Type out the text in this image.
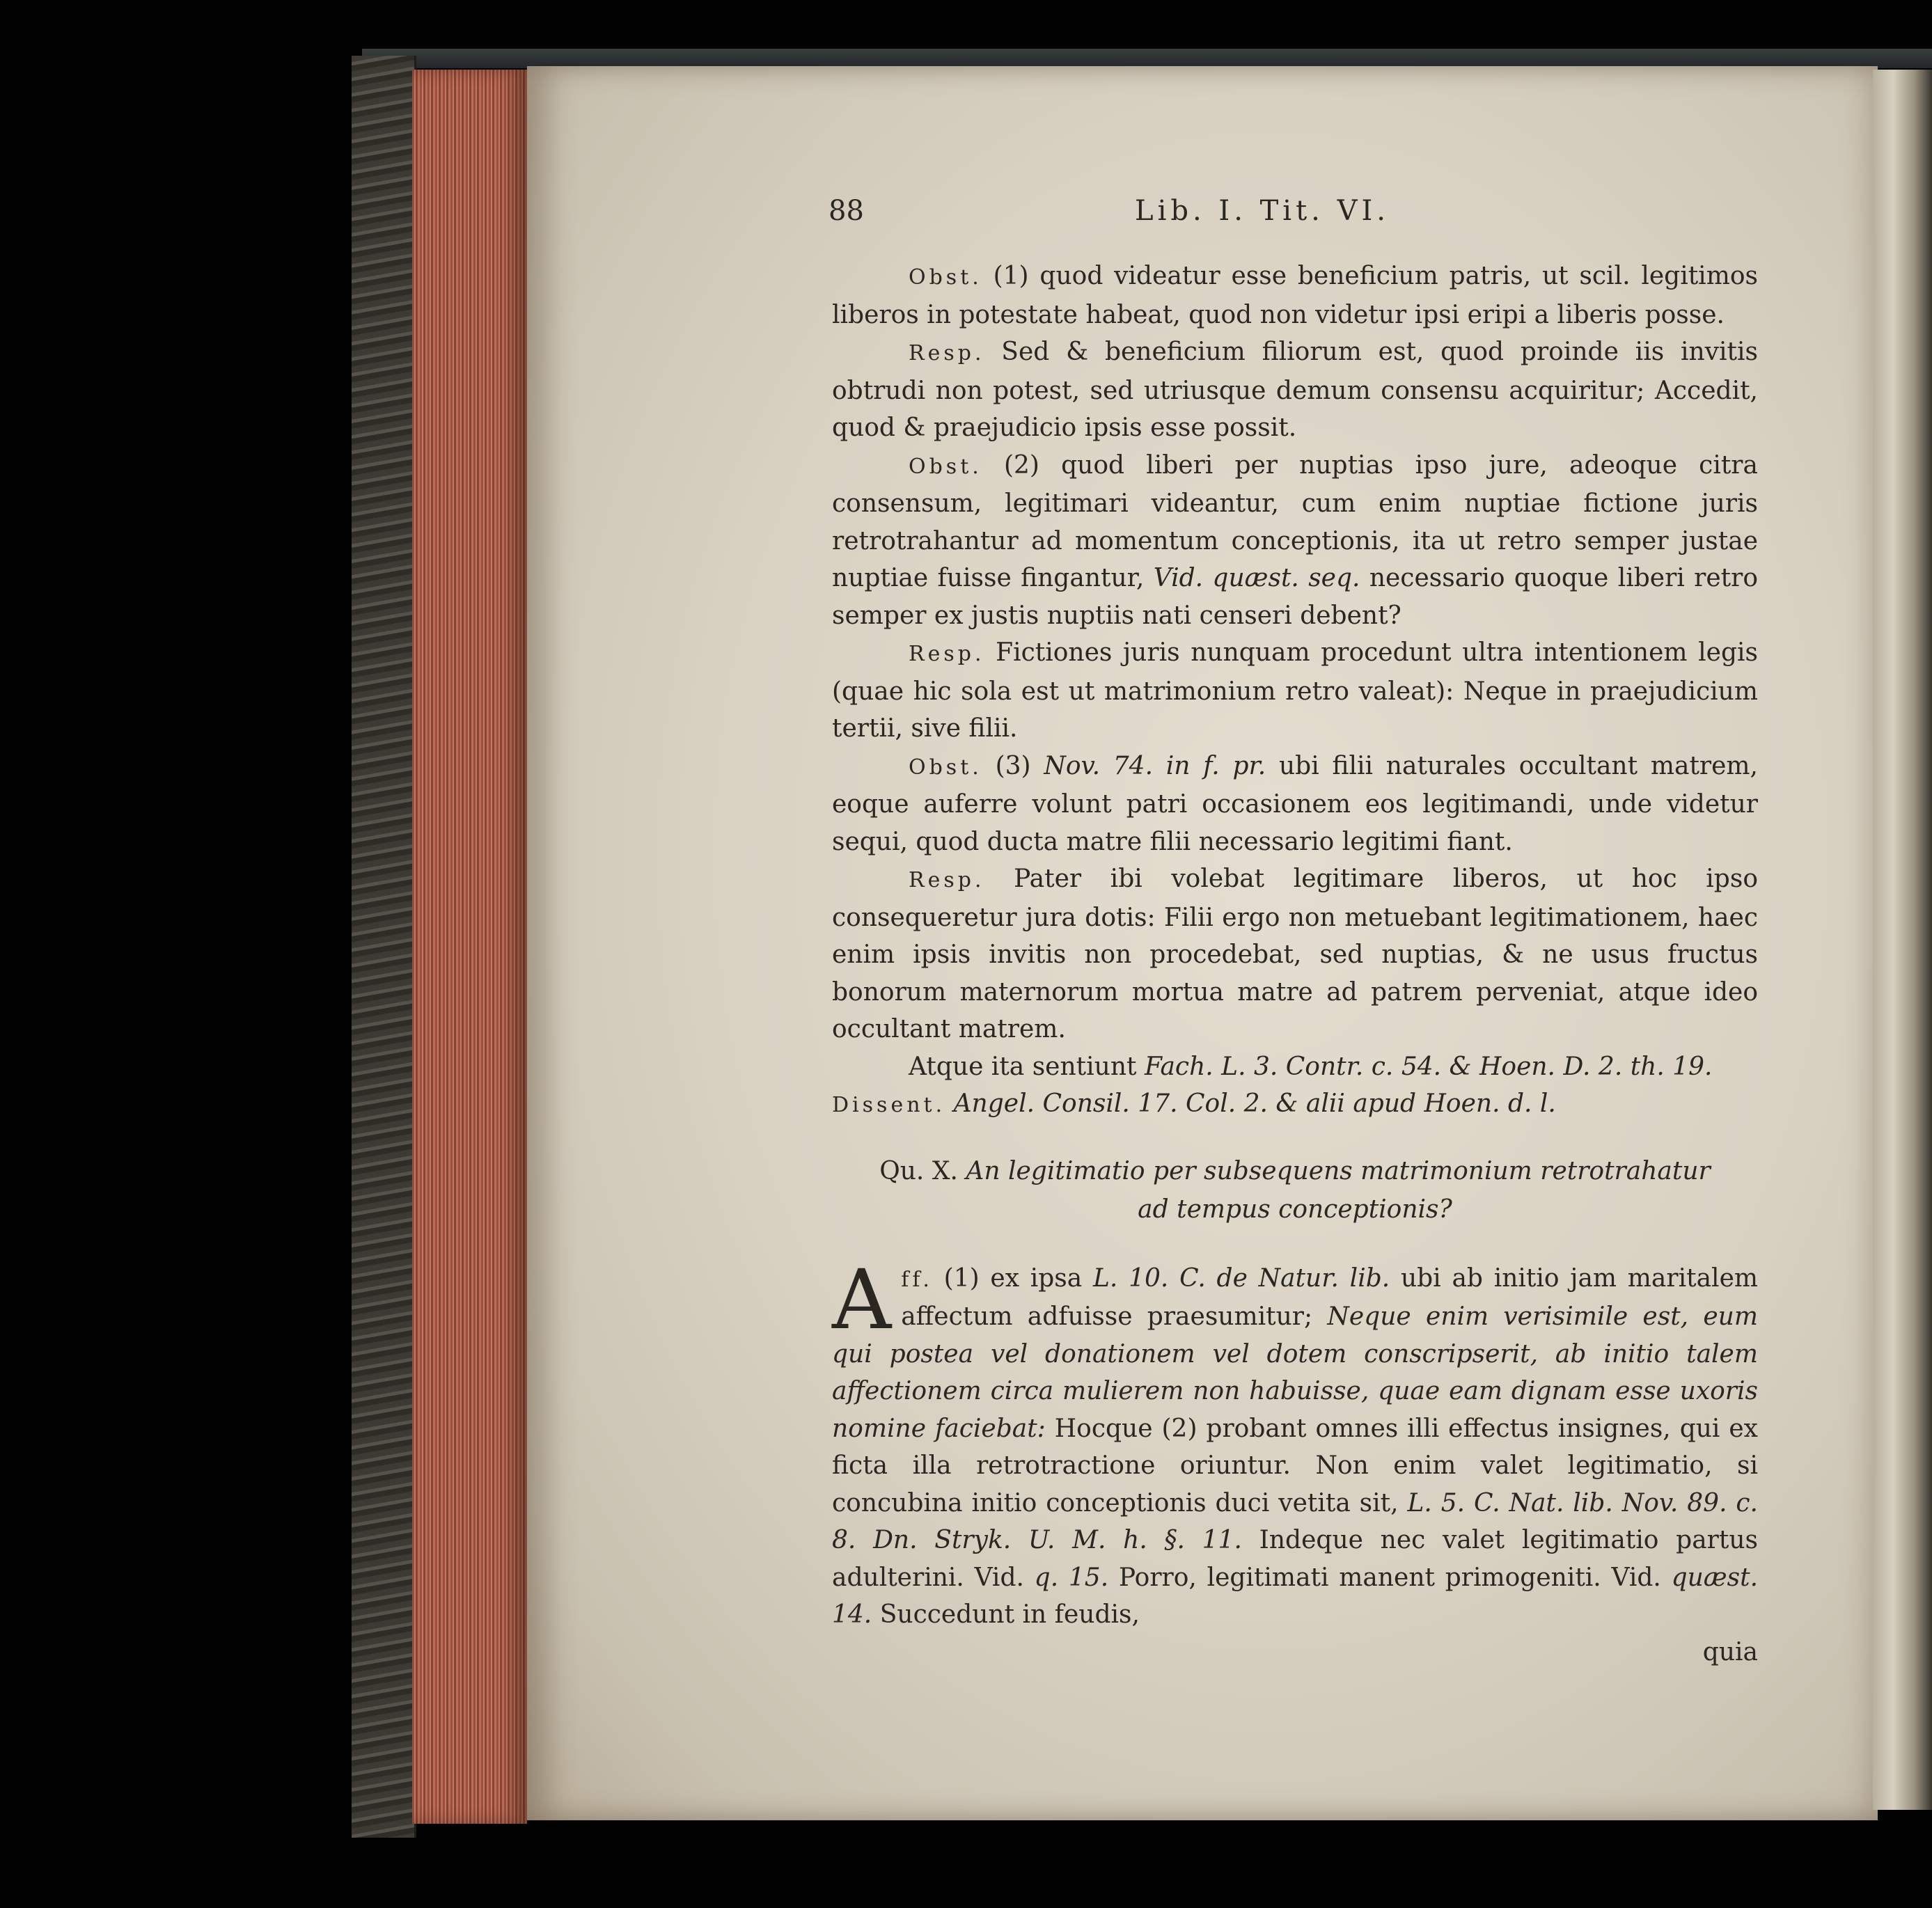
88	Lib. I. Tit. VI.

Obst. (1) quod videatur esse beneficium patris, ut scil. legitimos liberos in potestate habeat, quod non videtur ipsi eripi a liberis posse.

Resp. Sed & beneficium filiorum est, quod proinde iis invitis obtrudi non potest, sed utriusque demum consensu acquiritur; Accedit, quod & praejudicio ipsis esse possit.

Obst. (2) quod liberi per nuptias ipso jure, adeoque citra consensum, legitimari videantur, cum enim nuptiae fictione juris retrotrahantur ad momentum conceptionis, ita ut retro semper justae nuptiae fuisse fingantur, Vid. quæst. seq. necessario quoque liberi retro semper ex justis nuptiis nati censeri debent?

Resp. Fictiones juris nunquam procedunt ultra intentionem legis (quae hic sola est ut matrimonium retro valeat): Neque in praejudicium tertii, sive filii.

Obst. (3) Nov. 74. in f. pr. ubi filii naturales occultant matrem, eoque auferre volunt patri occasionem eos legitimandi, unde videtur sequi, quod ducta matre filii necessario legitimi fiant.

Resp. Pater ibi volebat legitimare liberos, ut hoc ipso consequeretur jura dotis: Filii ergo non metuebant legitimationem, haec enim ipsis invitis non procedebat, sed nuptias, & ne usus fructus bonorum maternorum mortua matre ad patrem perveniat, atque ideo occultant matrem.

Atque ita sentiunt Fach. L. 3. Contr. c. 54. & Hoen. D. 2. th. 19.

Dissent. Angel. Consil. 17. Col. 2. & alii apud Hoen. d. l.

Qu. X. An legitimatio per subsequens matrimonium retrotrahatur
ad tempus conceptionis?

A ff. (1) ex ipsa L. 10. C. de Natur. lib. ubi ab initio jam maritalem affectum adfuisse praesumitur; Neque enim verisimile est, eum qui postea vel donationem vel dotem conscripserit, ab initio talem affectionem circa mulierem non habuisse, quae eam dignam esse uxoris nomine faciebat: Hocque (2) probant omnes illi effectus insignes, qui ex ficta illa retrotractione oriuntur. Non enim valet legitimatio, si concubina initio conceptionis duci vetita sit, L. 5. C. Nat. lib. Nov. 89. c. 8. Dn. Stryk. U. M. h. §. 11. Indeque nec valet legitimatio partus adulterini. Vid. q. 15. Porro, legitimati manent primogeniti. Vid. quæst. 14. Succedunt in feudis,

quia
